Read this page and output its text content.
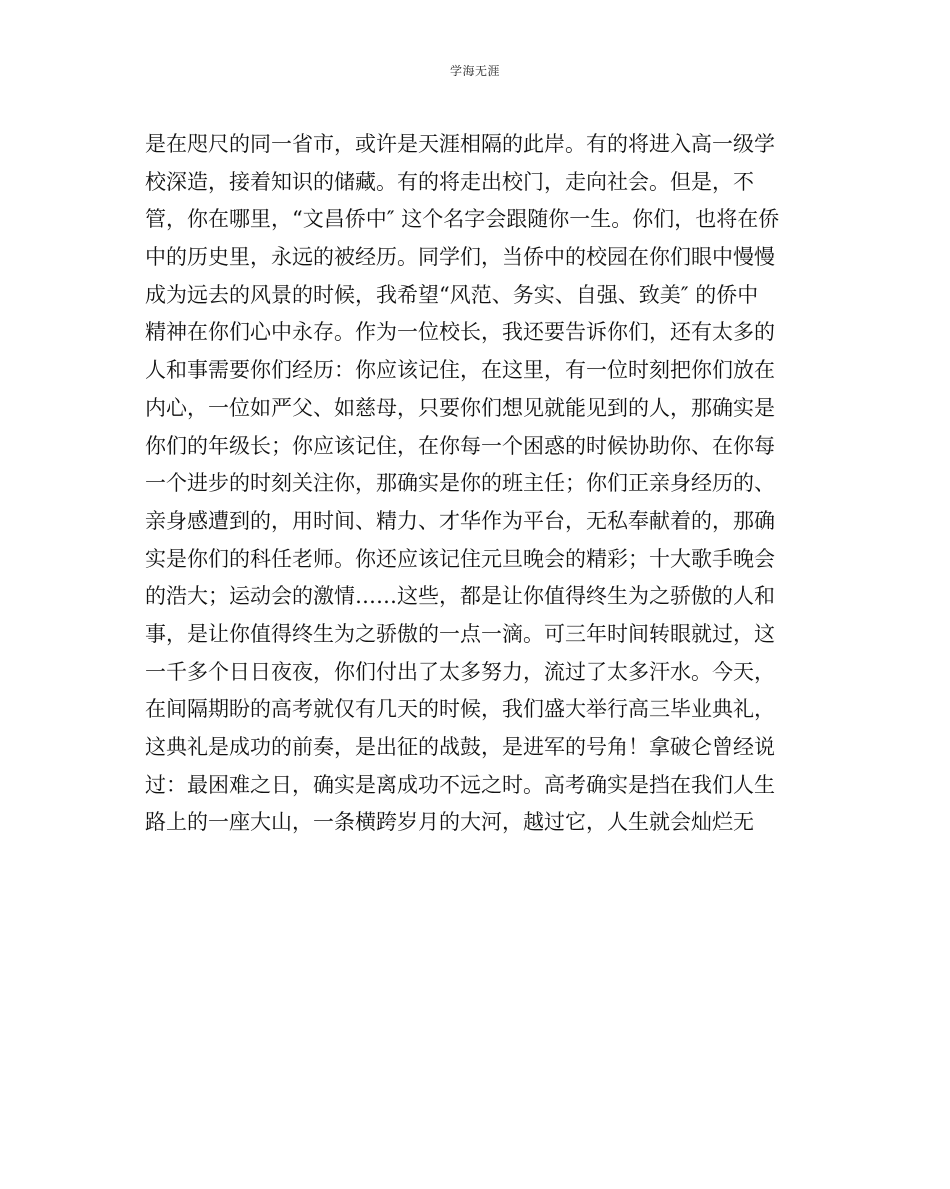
学海无涯
是在咫尺的同一省市，或许是天涯相隔的此岸。有的将进入高一级学
校深造，接着知识的储藏。有的将走出校门，走向社会。但是，不
管，你在哪里，“文昌侨中″ 这个名字会跟随你一生。你们，也将在侨
中的历史里，永远的被经历。同学们，当侨中的校园在你们眼中慢慢
成为远去的风景的时候，我希望“风范、务实、自强、致美″ 的侨中
精神在你们心中永存。作为一位校长，我还要告诉你们，还有太多的
人和事需要你们经历：你应该记住，在这里，有一位时刻把你们放在
内心，一位如严父、如慈母，只要你们想见就能见到的人，那确实是
你们的年级长；你应该记住，在你每一个困惑的时候协助你、在你每
一个进步的时刻关注你，那确实是你的班主任；你们正亲身经历的、
亲身感遭到的，用时间、精力、才华作为平台，无私奉献着的，那确
实是你们的科任老师。你还应该记住元旦晚会的精彩；十大歌手晚会
的浩大；运动会的激情……这些，都是让你值得终生为之骄傲的人和
事，是让你值得终生为之骄傲的一点一滴。可三年时间转眼就过，这
一千多个日日夜夜，你们付出了太多努力，流过了太多汗水。今天，
在间隔期盼的高考就仅有几天的时候，我们盛大举行高三毕业典礼，
这典礼是成功的前奏，是出征的战鼓，是进军的号角！拿破仑曾经说
过：最困难之日，确实是离成功不远之时。高考确实是挡在我们人生
路上的一座大山，一条横跨岁月的大河，越过它，人生就会灿烂无
